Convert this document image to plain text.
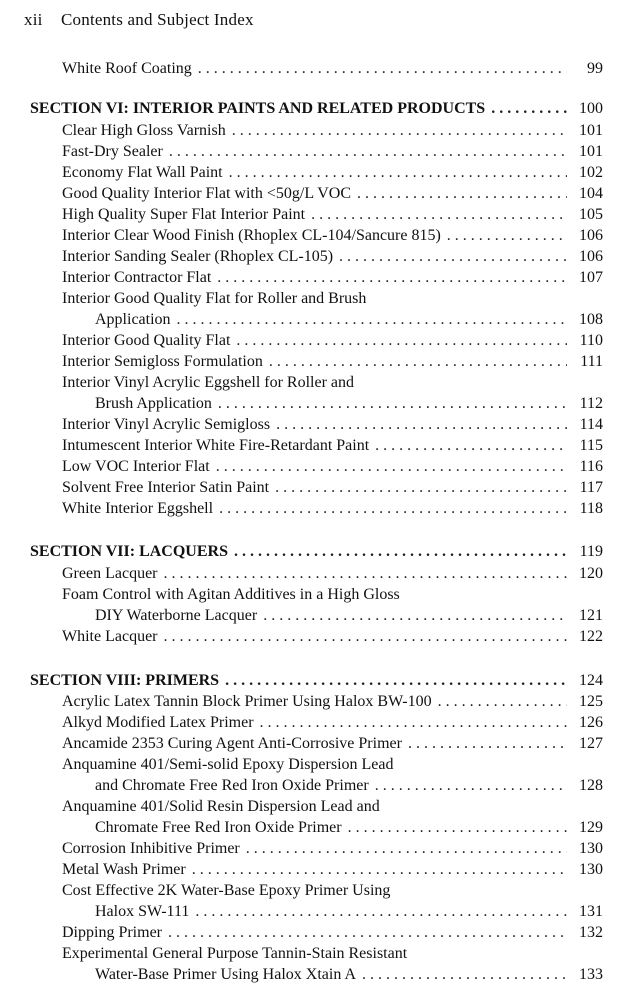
xii Contents and Subject Index
White Roof Coating . . .	99
SECTION VI: INTERIOR PAINTS AND RELATED PRODUCTS . . .	100
Clear High Gloss Varnish . . .	101
Fast-Dry Sealer . . .	101
Economy Flat Wall Paint . . .	102
Good Quality Interior Flat with <50g/L VOC . . .	104
High Quality Super Flat Interior Paint . . .	105
Interior Clear Wood Finish (Rhoplex CL-104/Sancure 815) . . .	106
Interior Sanding Sealer (Rhoplex CL-105) . . .	106
Interior Contractor Flat . . .	107
Interior Good Quality Flat for Roller and Brush
Application . . .	108
Interior Good Quality Flat . . .	110
Interior Semigloss Formulation . . .	111
Interior Vinyl Acrylic Eggshell for Roller and
Brush Application . . .	112
Interior Vinyl Acrylic Semigloss . . .	114
Intumescent Interior White Fire-Retardant Paint . . .	115
Low VOC Interior Flat . . .	116
Solvent Free Interior Satin Paint . . .	117
White Interior Eggshell . . .	118
SECTION VII: LACQUERS . . .	119
Green Lacquer . . .	120
Foam Control with Agitan Additives in a High Gloss
DIY Waterborne Lacquer . . .	121
White Lacquer . . .	122
SECTION VIII: PRIMERS . . .	124
Acrylic Latex Tannin Block Primer Using Halox BW-100 . . .	125
Alkyd Modified Latex Primer . . .	126
Ancamide 2353 Curing Agent Anti-Corrosive Primer . . .	127
Anquamine 401/Semi-solid Epoxy Dispersion Lead
and Chromate Free Red Iron Oxide Primer . . .	128
Anquamine 401/Solid Resin Dispersion Lead and
Chromate Free Red Iron Oxide Primer . . .	129
Corrosion Inhibitive Primer . . .	130
Metal Wash Primer . . .	130
Cost Effective 2K Water-Base Epoxy Primer Using
Halox SW-111 . . .	131
Dipping Primer . . .	132
Experimental General Purpose Tannin-Stain Resistant
Water-Base Primer Using Halox Xtain A . . .	133
